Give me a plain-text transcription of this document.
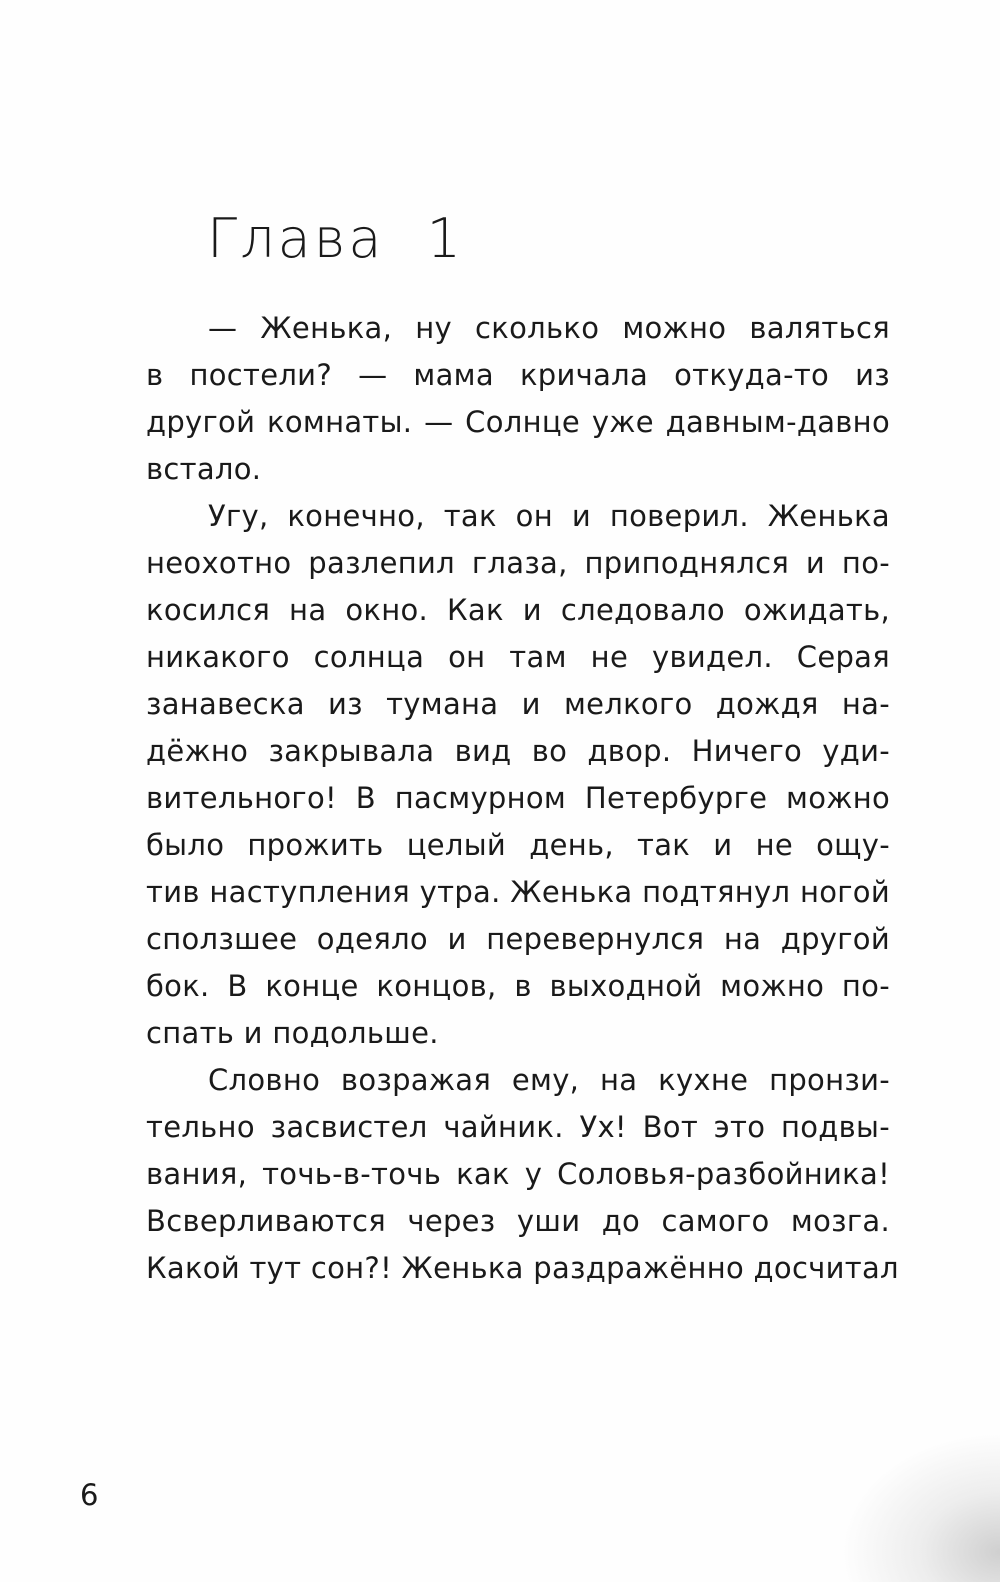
Глава 1

— Женька, ну сколько можно валяться
в постели? — мама кричала откуда-то из
другой комнаты. — Солнце уже давным-давно
встало.

Угу, конечно, так он и поверил. Женька
неохотно разлепил глаза, приподнялся и по-
косился на окно. Как и следовало ожидать,
никакого солнца он там не увидел. Серая
занавеска из тумана и мелкого дождя на-
дёжно закрывала вид во двор. Ничего уди-
вительного! В пасмурном Петербурге можно
было прожить целый день, так и не ощу-
тив наступления утра. Женька подтянул ногой
сползшее одеяло и перевернулся на другой
бок. В конце концов, в выходной можно по-
спать и подольше.

Словно возражая ему, на кухне пронзи-
тельно засвистел чайник. Ух! Вот это подвы-
вания, точь-в-точь как у Соловья-разбойника!
Всверливаются через уши до самого мозга.
Какой тут сон?! Женька раздражённо досчитал

6
